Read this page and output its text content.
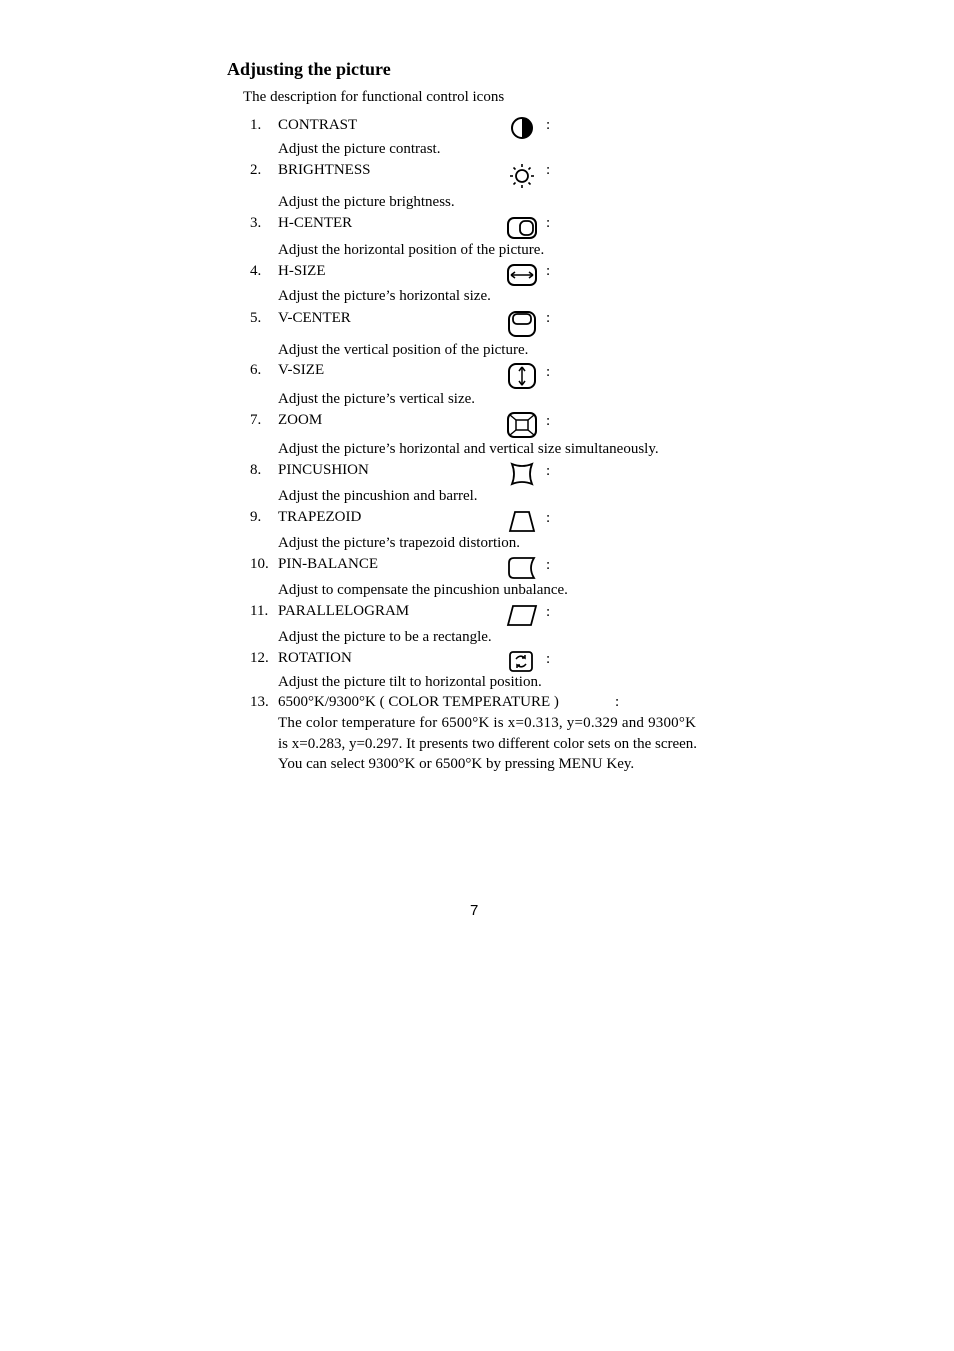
Adjusting the picture
The description for functional control icons
1. CONTRAST	:
Adjust the picture contrast.
2. BRIGHTNESS	:
Adjust the picture brightness.
3. H-CENTER	:
Adjust the horizontal position of the picture.
4. H-SIZE	:
Adjust the picture’s horizontal size.
5. V-CENTER	:
Adjust the vertical position of the picture.
6. V-SIZE	:
Adjust the picture’s vertical size.
7. ZOOM	:
Adjust the picture’s horizontal and vertical size simultaneously.
8. PINCUSHION	:
Adjust the pincushion and barrel.
9. TRAPEZOID	:
Adjust the picture’s trapezoid distortion.
10. PIN-BALANCE	:
Adjust to compensate the pincushion unbalance.
11. PARALLELOGRAM	:
Adjust the picture to be a rectangle.
12. ROTATION	:
Adjust the picture tilt to horizontal position.
13. 6500°K/9300°K ( COLOR TEMPERATURE )	:
The color temperature for 6500°K is x=0.313, y=0.329 and 9300°K
is x=0.283, y=0.297. It presents two different color sets on the screen.
You can select 9300°K or 6500°K by pressing MENU Key.
7
